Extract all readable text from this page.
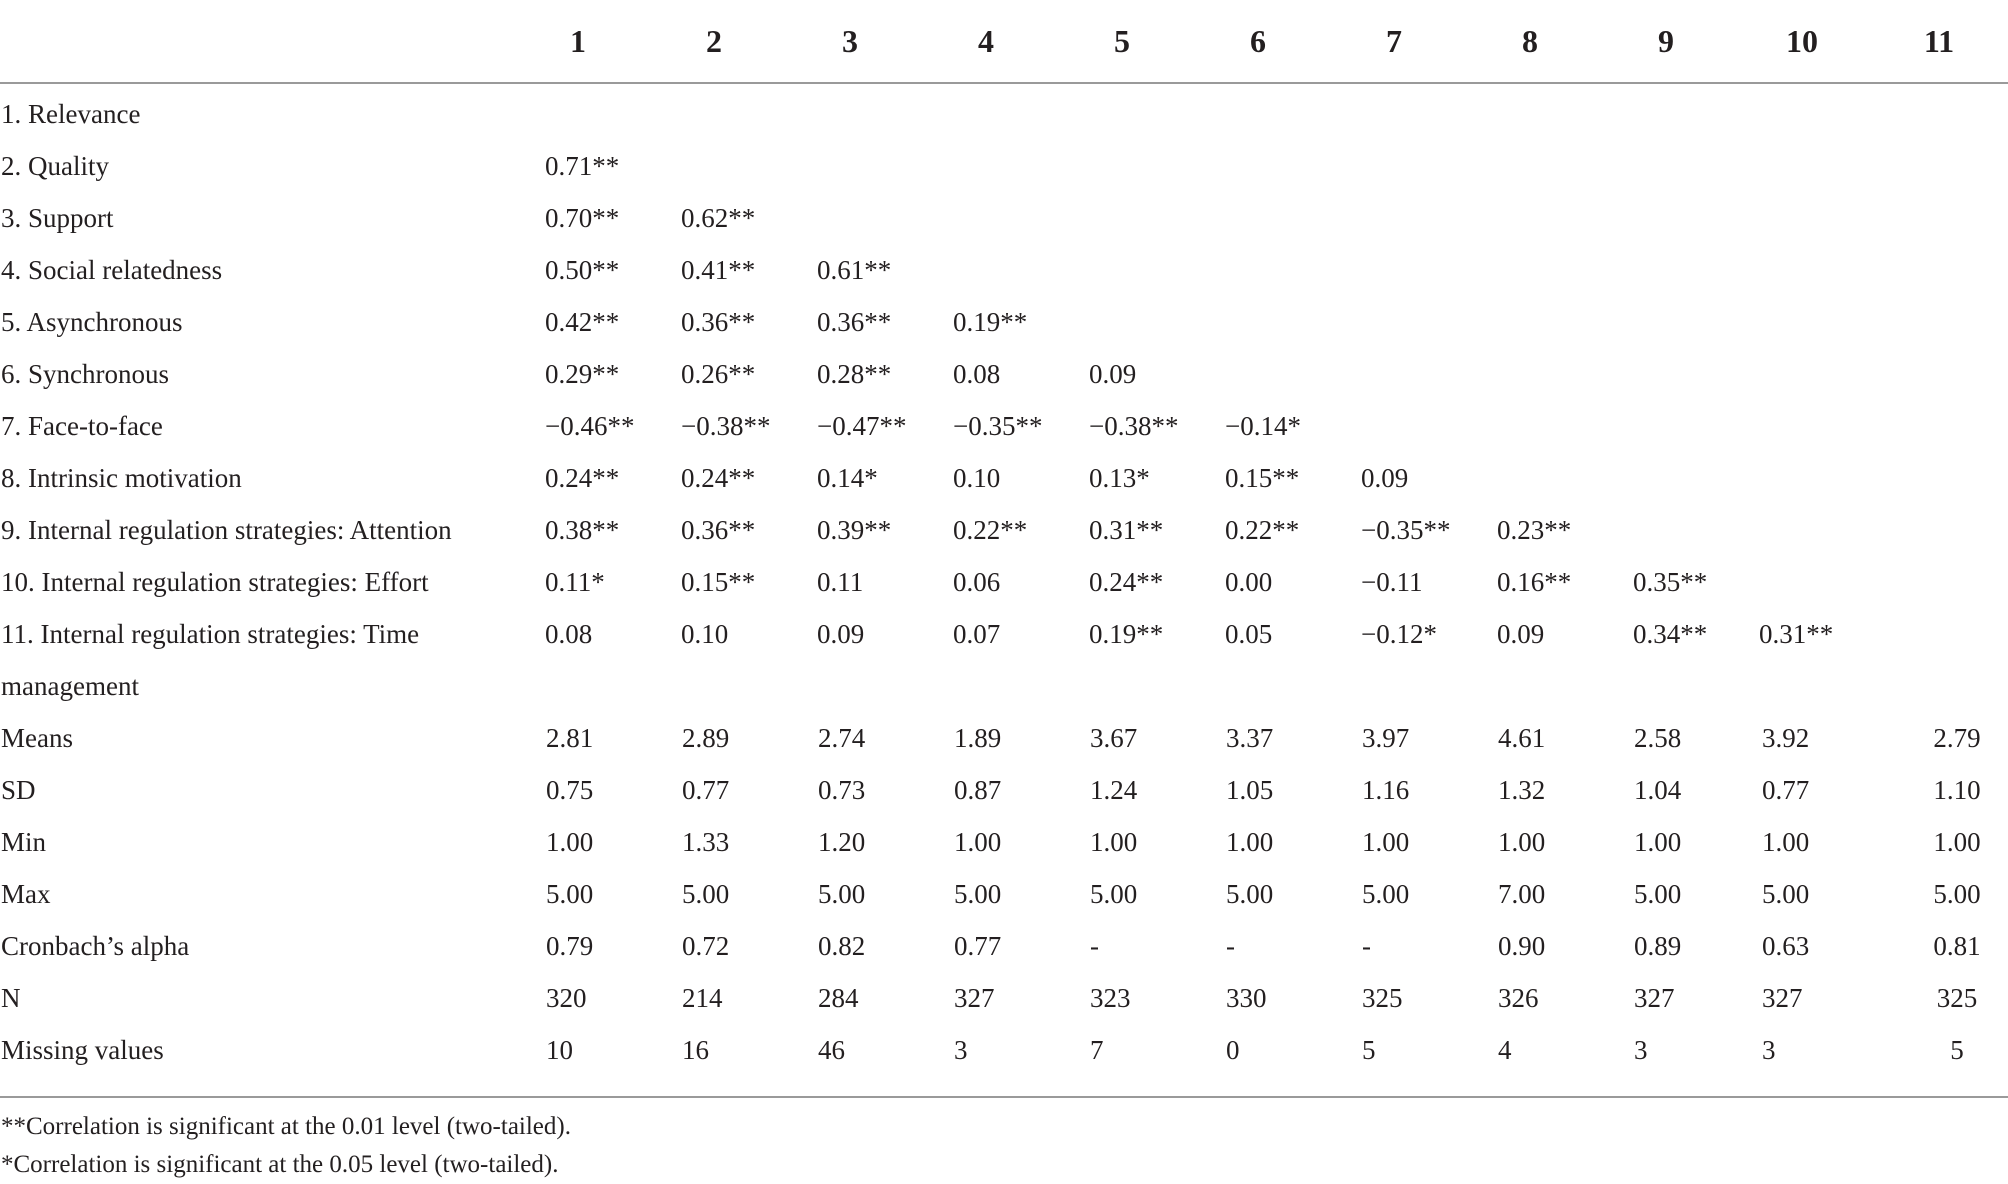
	1	2	3	4	5	6	7	8	9	10	11
1. Relevance											
2. Quality	0.71**										
3. Support	0.70**	0.62**									
4. Social relatedness	0.50**	0.41**	0.61**								
5. Asynchronous	0.42**	0.36**	0.36**	0.19**							
6. Synchronous	0.29**	0.26**	0.28**	0.08	0.09						
7. Face-to-face	−0.46**	−0.38**	−0.47**	−0.35**	−0.38**	−0.14*					
8. Intrinsic motivation	0.24**	0.24**	0.14*	0.10	0.13*	0.15**	0.09				
9. Internal regulation strategies: Attention	0.38**	0.36**	0.39**	0.22**	0.31**	0.22**	−0.35**	0.23**			
10. Internal regulation strategies: Effort	0.11*	0.15**	0.11	0.06	0.24**	0.00	−0.11	0.16**	0.35**		
11. Internal regulation strategies: Time	0.08	0.10	0.09	0.07	0.19**	0.05	−0.12*	0.09	0.34**	0.31**	
management											
Means	2.81	2.89	2.74	1.89	3.67	3.37	3.97	4.61	2.58	3.92	2.79
SD	0.75	0.77	0.73	0.87	1.24	1.05	1.16	1.32	1.04	0.77	1.10
Min	1.00	1.33	1.20	1.00	1.00	1.00	1.00	1.00	1.00	1.00	1.00
Max	5.00	5.00	5.00	5.00	5.00	5.00	5.00	7.00	5.00	5.00	5.00
Cronbach’s alpha	0.79	0.72	0.82	0.77	-	-	-	0.90	0.89	0.63	0.81
N	320	214	284	327	323	330	325	326	327	327	325
Missing values	10	16	46	3	7	0	5	4	3	3	5
**Correlation is significant at the 0.01 level (two-tailed).
*Correlation is significant at the 0.05 level (two-tailed).
